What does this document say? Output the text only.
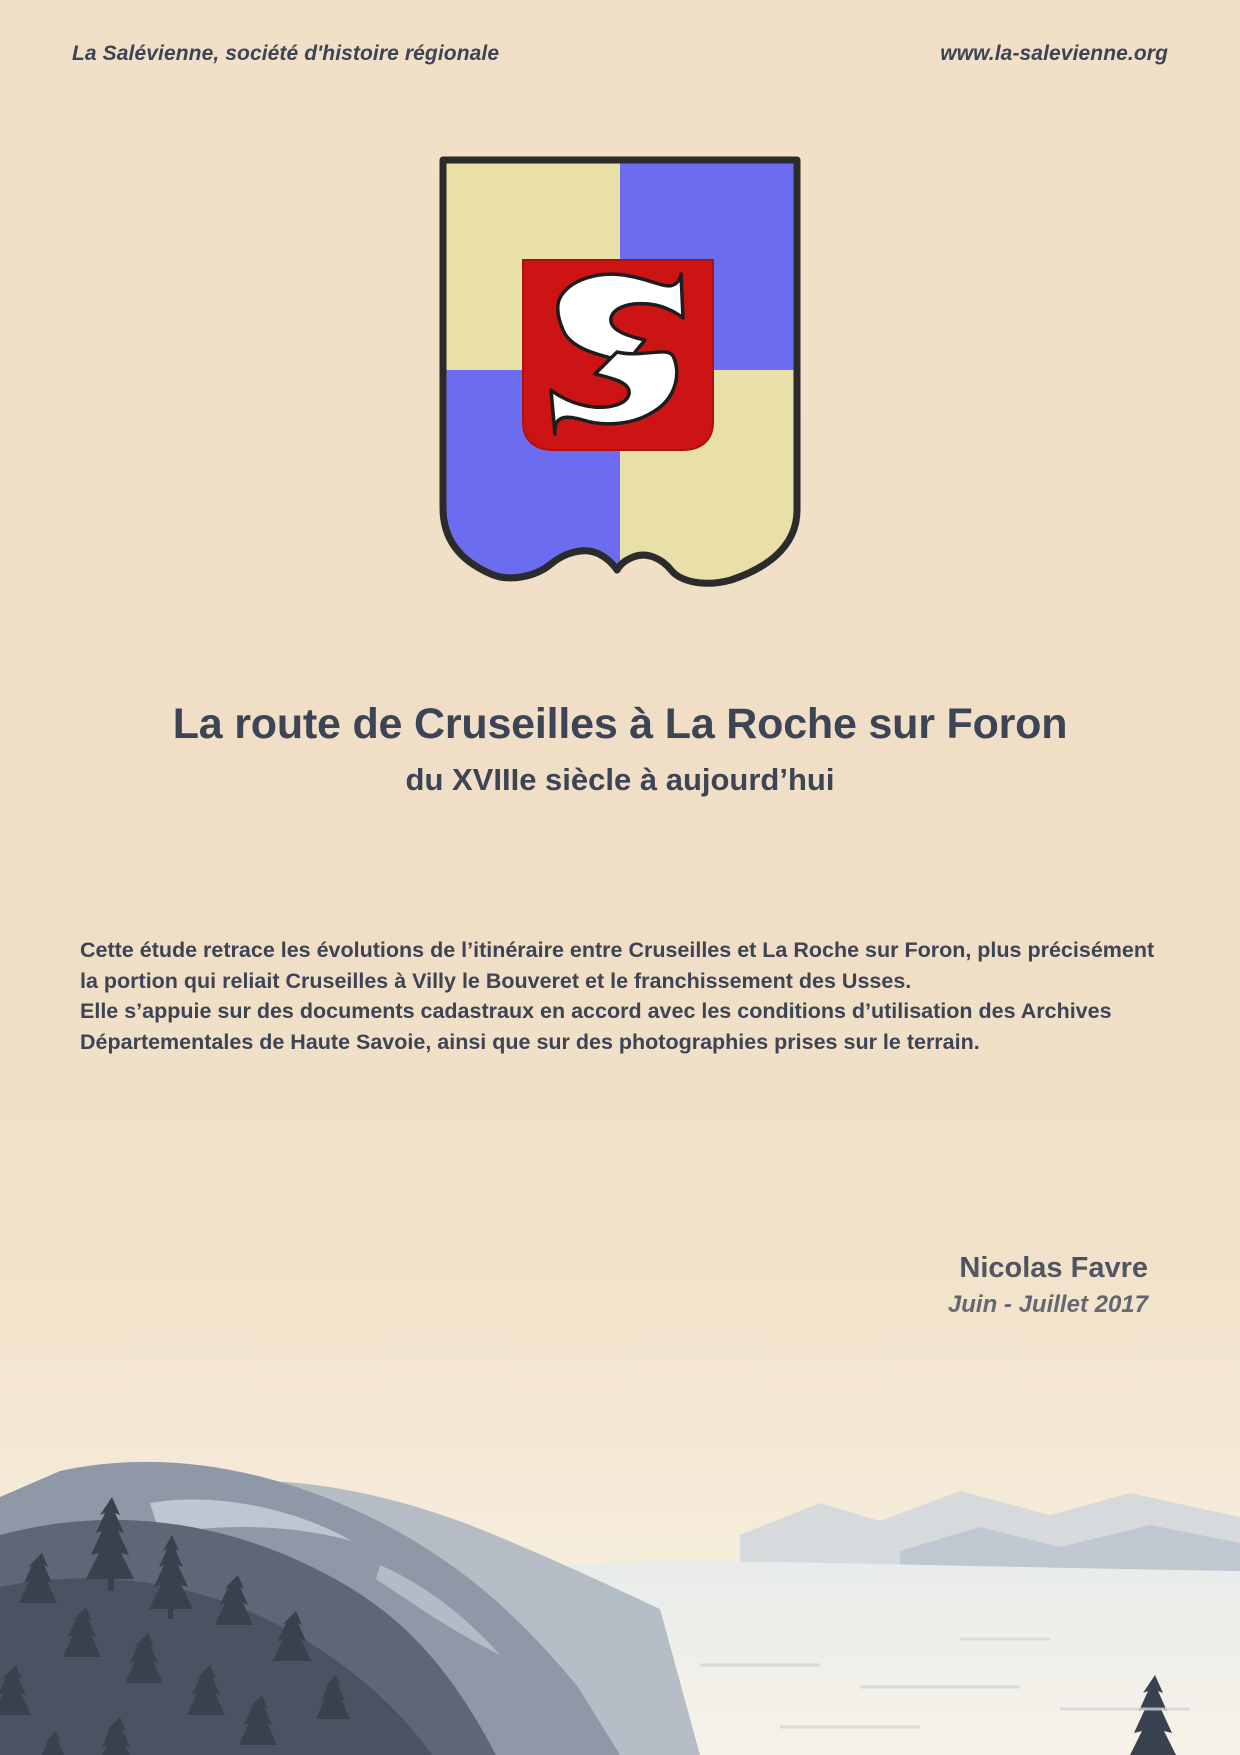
La Salévienne, société d'histoire régionale	www.la-salevienne.org
La route de Cruseilles à La Roche sur Foron
du XVIIIe siècle à aujourd’hui

Cette étude retrace les évolutions de l’itinéraire entre Cruseilles et La Roche sur Foron, plus précisément la portion qui reliait Cruseilles à Villy le Bouveret et le franchissement des Usses.

Elle s’appuie sur des documents cadastraux en accord avec les conditions d’utilisation des Archives Départementales de Haute Savoie, ainsi que sur des photographies prises sur le terrain.
